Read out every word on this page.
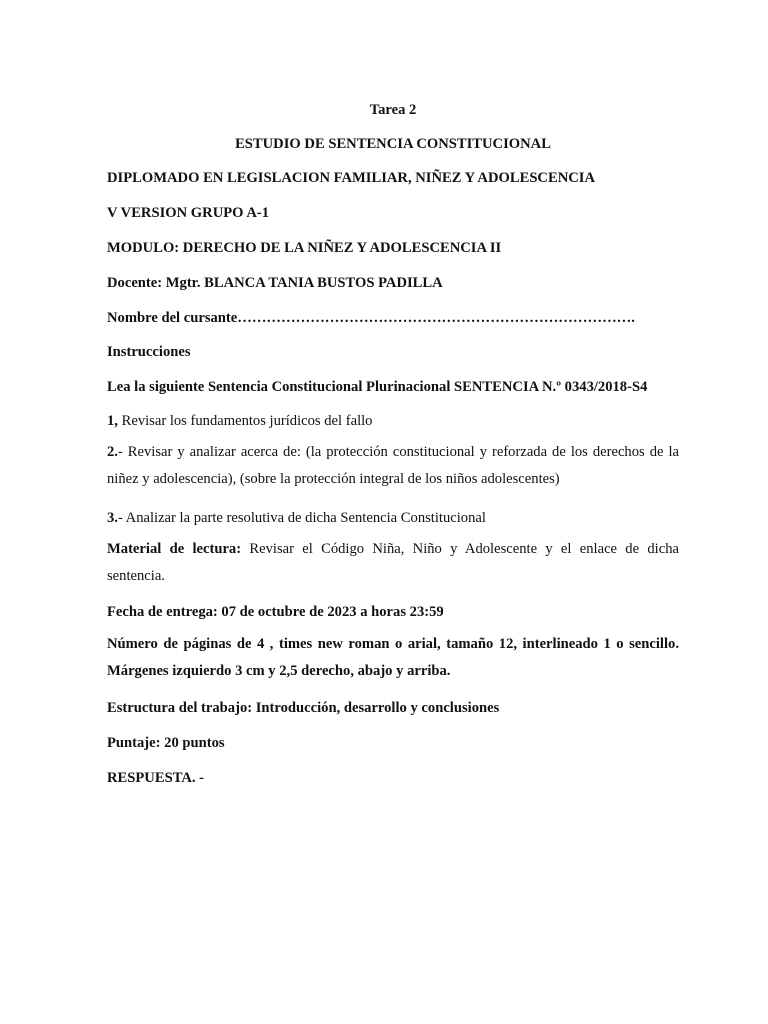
Tarea 2
ESTUDIO DE SENTENCIA CONSTITUCIONAL
DIPLOMADO EN LEGISLACION FAMILIAR, NIÑEZ Y ADOLESCENCIA
V VERSION GRUPO A-1
MODULO: DERECHO DE LA NIÑEZ Y ADOLESCENCIA II
Docente: Mgtr. BLANCA TANIA BUSTOS PADILLA
Nombre del cursante……………………………………………………………………….
Instrucciones
Lea la siguiente Sentencia Constitucional Plurinacional SENTENCIA N.º 0343/2018-S4
1, Revisar los fundamentos jurídicos del fallo
2.- Revisar y analizar acerca de: (la protección constitucional y reforzada de los derechos de la
niñez y adolescencia), (sobre la protección integral de los niños adolescentes)
3.- Analizar la parte resolutiva de dicha Sentencia Constitucional
Material de lectura: Revisar el Código Niña, Niño y Adolescente y el enlace de dicha
sentencia.
Fecha de entrega: 07 de octubre de 2023 a horas 23:59
Número de páginas de 4 , times new roman o arial, tamaño 12, interlineado 1 o sencillo.
Márgenes izquierdo 3 cm y 2,5 derecho, abajo y arriba.
Estructura del trabajo: Introducción, desarrollo y conclusiones
Puntaje: 20 puntos
RESPUESTA. -
